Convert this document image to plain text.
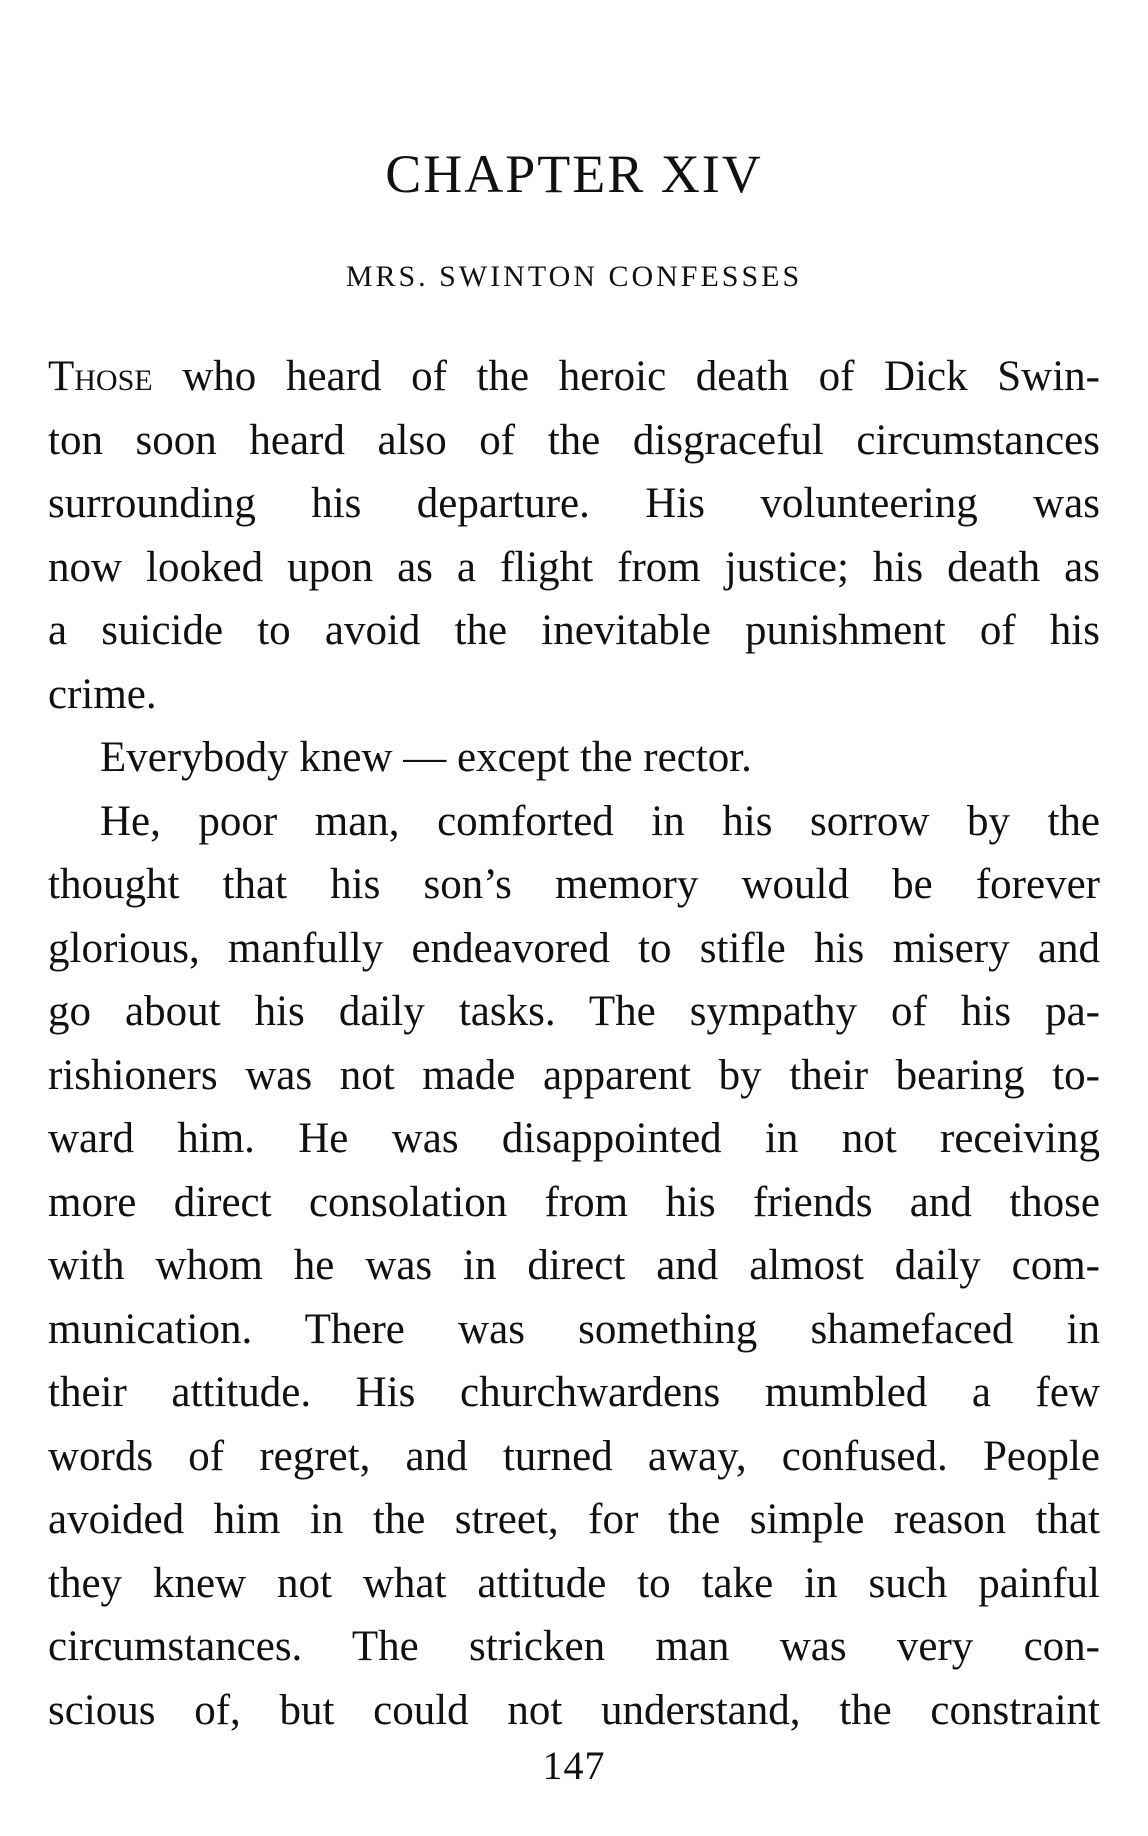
CHAPTER XIV
MRS. SWINTON CONFESSES
Those who heard of the heroic death of Dick Swin-
ton soon heard also of the disgraceful circumstances
surrounding his departure. His volunteering was
now looked upon as a flight from justice; his death as
a suicide to avoid the inevitable punishment of his
crime.
Everybody knew — except the rector.
He, poor man, comforted in his sorrow by the
thought that his son’s memory would be forever
glorious, manfully endeavored to stifle his misery and
go about his daily tasks. The sympathy of his pa-
rishioners was not made apparent by their bearing to-
ward him. He was disappointed in not receiving
more direct consolation from his friends and those
with whom he was in direct and almost daily com-
munication. There was something shamefaced in
their attitude. His churchwardens mumbled a few
words of regret, and turned away, confused. People
avoided him in the street, for the simple reason that
they knew not what attitude to take in such painful
circumstances. The stricken man was very con-
scious of, but could not understand, the constraint
147
